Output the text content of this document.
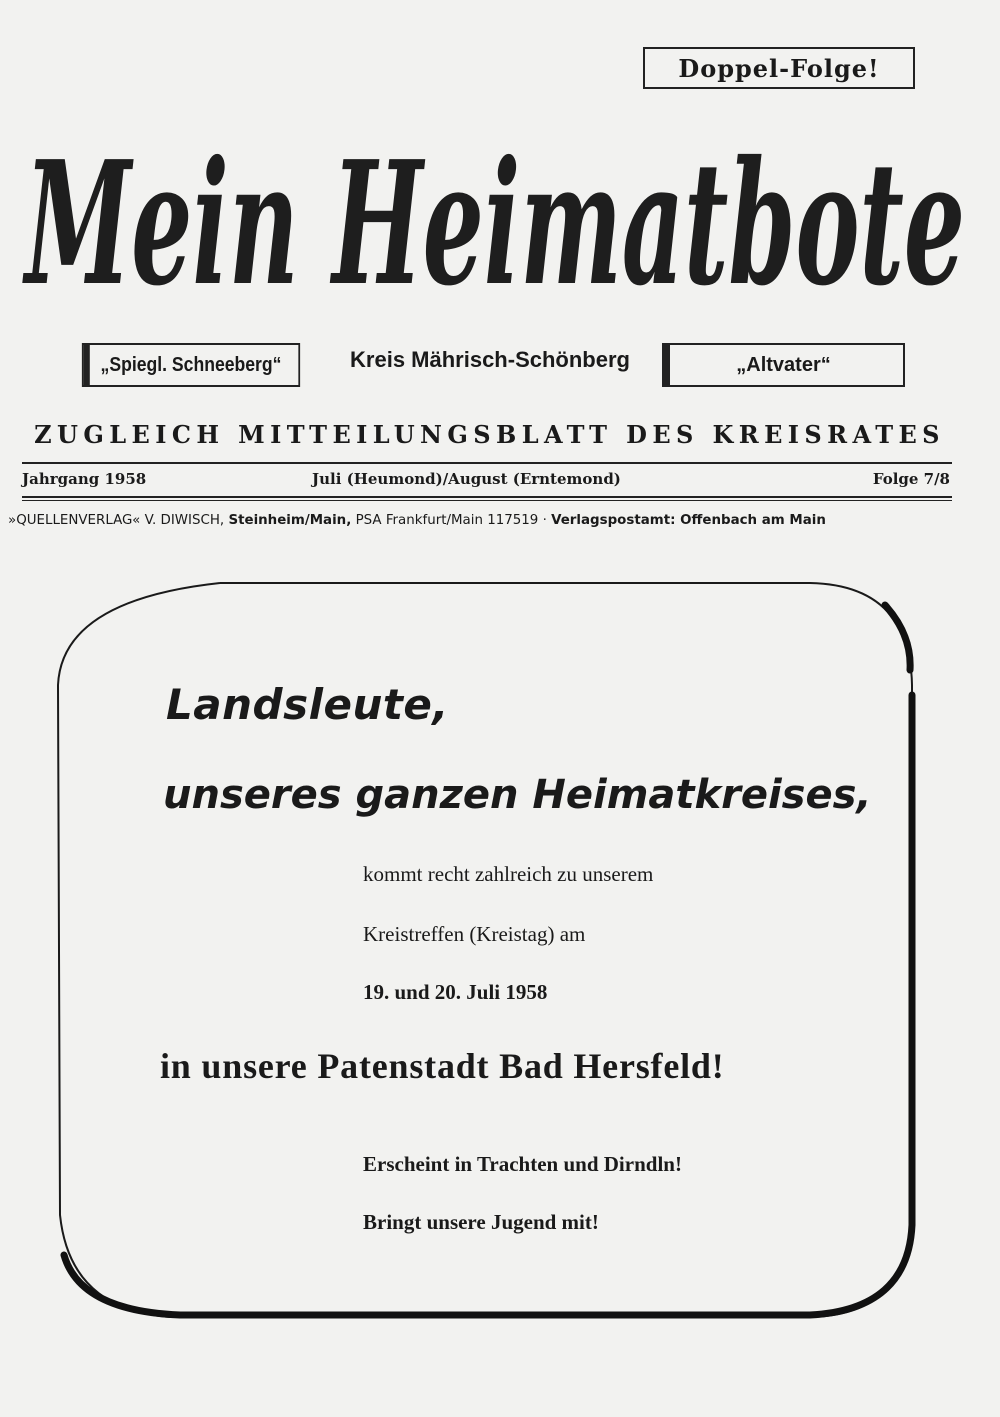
Doppel-Folge!
Mein Heimatbote
„Spiegl. Schneeberg“	Kreis Mährisch-Schönberg	„Altvater“
ZUGLEICH MITTEILUNGSBLATT DES KREISRATES
Jahrgang 1958	Juli (Heumond)/August (Erntemond)	Folge 7/8
»QUELLENVERLAG« V. DIWISCH, Steinheim/Main, PSA Frankfurt/Main 117519 · Verlagspostamt: Offenbach am Main
Landsleute,
unseres ganzen Heimatkreises,
kommt recht zahlreich zu unserem
Kreistreffen (Kreistag) am
19. und 20. Juli 1958
in unsere Patenstadt Bad Hersfeld!
Erscheint in Trachten und Dirndln!
Bringt unsere Jugend mit!
